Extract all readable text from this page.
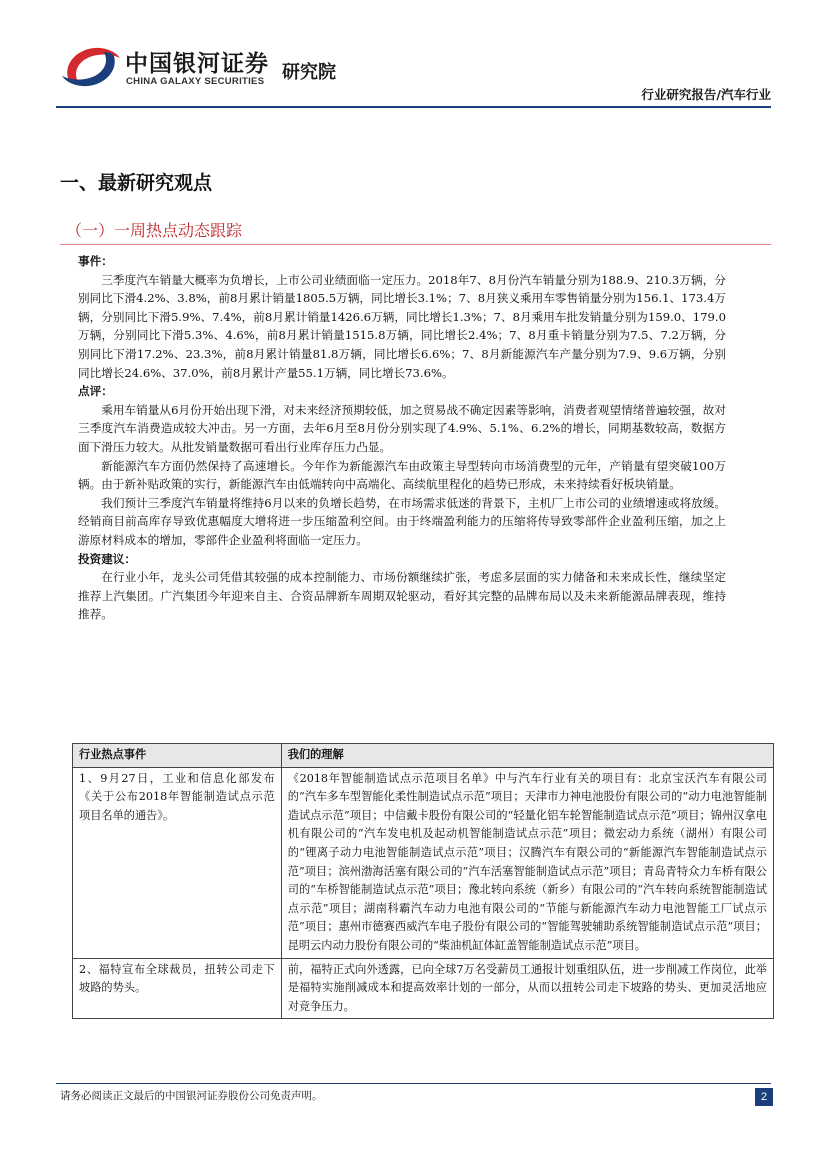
中国银河证券
CHINA GALAXY SECURITIES 研究院
行业研究报告/汽车行业
一、最新研究观点
（一）一周热点动态跟踪
事件：

三季度汽车销量大概率为负增长，上市公司业绩面临一定压力。2018年7、8月份汽车销量分别为188.9、210.3万辆，分别同比下滑4.2%、3.8%，前8月累计销量1805.5万辆，同比增长3.1%；7、8月狭义乘用车零售销量分别为156.1、173.4万辆，分别同比下滑5.9%、7.4%，前8月累计销量1426.6万辆，同比增长1.3%；7、8月乘用车批发销量分别为159.0、179.0万辆，分别同比下滑5.3%、4.6%，前8月累计销量1515.8万辆，同比增长2.4%；7、8月重卡销量分别为7.5、7.2万辆，分别同比下滑17.2%、23.3%，前8月累计销量81.8万辆，同比增长6.6%；7、8月新能源汽车产量分别为7.9、9.6万辆，分别同比增长24.6%、37.0%，前8月累计产量55.1万辆，同比增长73.6%。

点评：

乘用车销量从6月份开始出现下滑，对未来经济预期较低，加之贸易战不确定因素等影响，消费者观望情绪普遍较强，故对三季度汽车消费造成较大冲击。另一方面，去年6月至8月份分别实现了4.9%、5.1%、6.2%的增长，同期基数较高，数据方面下滑压力较大。从批发销量数据可看出行业库存压力凸显。

新能源汽车方面仍然保持了高速增长。今年作为新能源汽车由政策主导型转向市场消费型的元年，产销量有望突破100万辆。由于新补贴政策的实行，新能源汽车由低端转向中高端化、高续航里程化的趋势已形成，未来持续看好板块销量。

我们预计三季度汽车销量将维持6月以来的负增长趋势，在市场需求低迷的背景下，主机厂上市公司的业绩增速或将放缓。经销商目前高库存导致优惠幅度大增将进一步压缩盈利空间。由于终端盈利能力的压缩将传导致零部件企业盈利压缩，加之上游原材料成本的增加，零部件企业盈利将面临一定压力。

投资建议：

在行业小年，龙头公司凭借其较强的成本控制能力、市场份额继续扩张，考虑多层面的实力储备和未来成长性，继续坚定推荐上汽集团。广汽集团今年迎来自主、合资品牌新车周期双轮驱动，看好其完整的品牌布局以及未来新能源品牌表现，维持推荐。

行业热点事件	我们的理解
1、9月27日，工业和信息化部发布《关于公布2018年智能制造试点示范项目名单的通告》。	《2018年智能制造试点示范项目名单》中与汽车行业有关的项目有：北京宝沃汽车有限公司的“汽车多车型智能化柔性制造试点示范”项目；天津市力神电池股份有限公司的“动力电池智能制造试点示范”项目；中信戴卡股份有限公司的“轻量化铝车轮智能制造试点示范”项目；锦州汉拿电机有限公司的“汽车发电机及起动机智能制造试点示范”项目；微宏动力系统（湖州）有限公司的“锂离子动力电池智能制造试点示范”项目；汉腾汽车有限公司的“新能源汽车智能制造试点示范”项目；滨州渤海活塞有限公司的“汽车活塞智能制造试点示范”项目；青岛青特众力车桥有限公司的“车桥智能制造试点示范”项目；豫北转向系统（新乡）有限公司的“汽车转向系统智能制造试点示范”项目；湖南科霸汽车动力电池有限公司的“节能与新能源汽车动力电池智能工厂试点示范”项目；惠州市德赛西威汽车电子股份有限公司的“智能驾驶辅助系统智能制造试点示范”项目；昆明云内动力股份有限公司的“柴油机缸体缸盖智能制造试点示范”项目。
2、福特宣布全球裁员，扭转公司走下坡路的势头。	前，福特正式向外透露，已向全球7万名受薪员工通报计划重组队伍，进一步削减工作岗位，此举是福特实施削减成本和提高效率计划的一部分，从而以扭转公司走下坡路的势头、更加灵活地应对竞争压力。
请务必阅读正文最后的中国银河证券股份公司免责声明。	2
